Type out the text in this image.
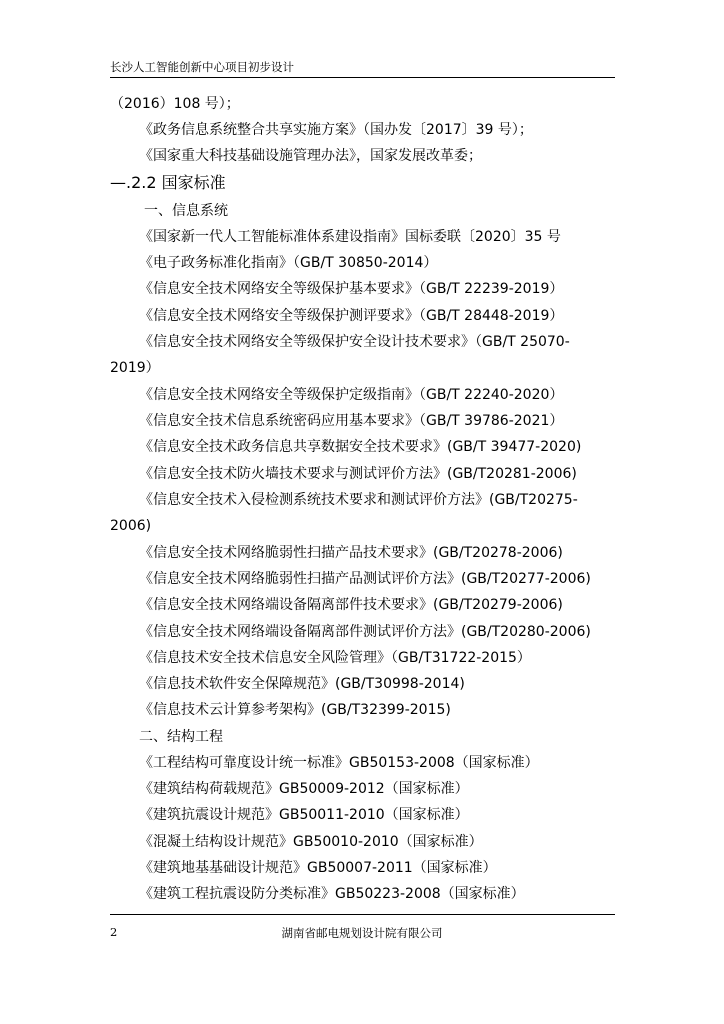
长沙人工智能创新中心项目初步设计
（2016）108 号）；
《政务信息系统整合共享实施方案》（国办发〔2017〕39 号）；
《国家重大科技基础设施管理办法》，国家发展改革委；
—.2.2 国家标准
一、信息系统
《国家新一代人工智能标准体系建设指南》国标委联〔2020〕35 号
《电子政务标准化指南》（GB/T 30850-2014）
《信息安全技术网络安全等级保护基本要求》（GB/T 22239-2019）
《信息安全技术网络安全等级保护测评要求》（GB/T 28448-2019）
《信息安全技术网络安全等级保护安全设计技术要求》（GB/T 25070-
2019）
《信息安全技术网络安全等级保护定级指南》（GB/T 22240-2020）
《信息安全技术信息系统密码应用基本要求》（GB/T 39786-2021）
《信息安全技术政务信息共享数据安全技术要求》(GB/T 39477-2020)
《信息安全技术防火墙技术要求与测试评价方法》(GB/T20281-2006)
《信息安全技术入侵检测系统技术要求和测试评价方法》(GB/T20275-
2006)
《信息安全技术网络脆弱性扫描产品技术要求》(GB/T20278-2006)
《信息安全技术网络脆弱性扫描产品测试评价方法》(GB/T20277-2006)
《信息安全技术网络端设备隔离部件技术要求》(GB/T20279-2006)
《信息安全技术网络端设备隔离部件测试评价方法》(GB/T20280-2006)
《信息技术安全技术信息安全风险管理》（GB/T31722-2015）
《信息技术软件安全保障规范》(GB/T30998-2014)
《信息技术云计算参考架构》(GB/T32399-2015)
二、结构工程
《工程结构可靠度设计统一标准》GB50153-2008（国家标准）
《建筑结构荷载规范》GB50009-2012（国家标准）
《建筑抗震设计规范》GB50011-2010（国家标准）
《混凝土结构设计规范》GB50010-2010（国家标准）
《建筑地基基础设计规范》GB50007-2011（国家标准）
《建筑工程抗震设防分类标准》GB50223-2008（国家标准）
2	湖南省邮电规划设计院有限公司
